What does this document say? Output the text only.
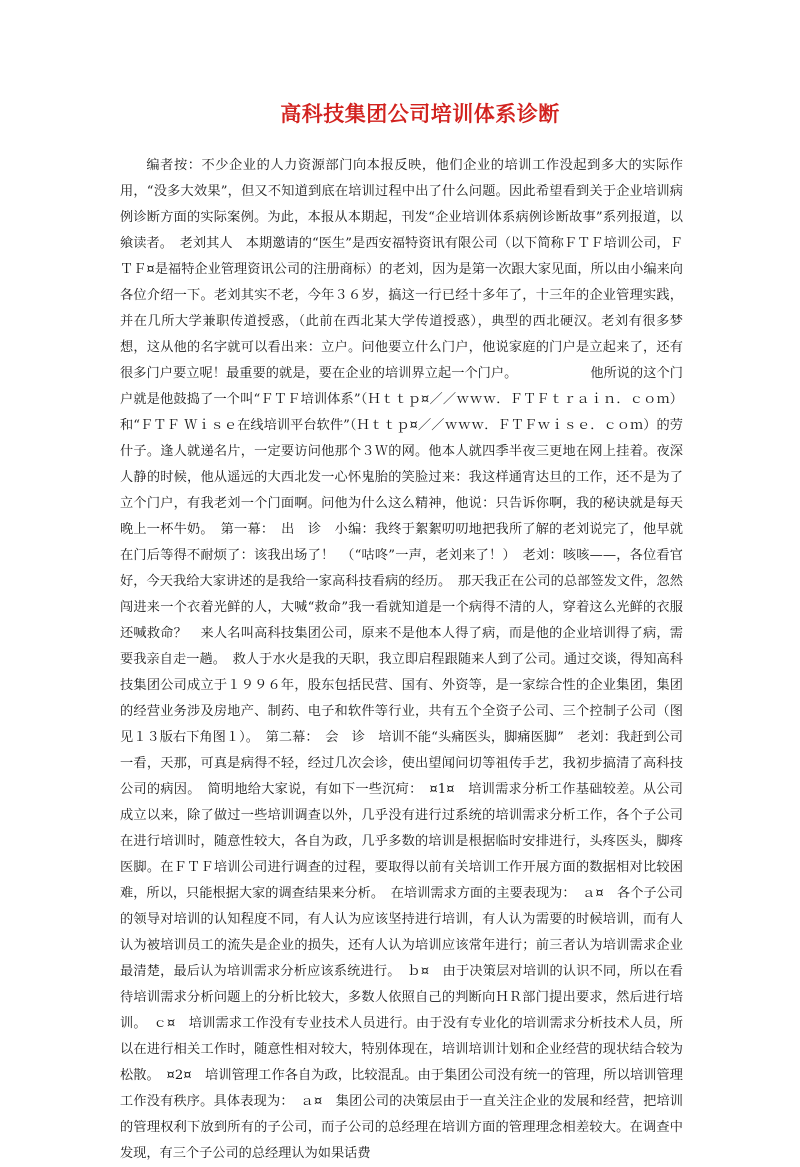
高科技集团公司培训体系诊断

编者按：不少企业的人力资源部门向本报反映，他们企业的培训工作没起到多大的实际作用，“没多大效果”，但又不知道到底在培训过程中出了什么问题。因此希望看到关于企业培训病例诊断方面的实际案例。为此，本报从本期起，刊发“企业培训体系病例诊断故事”系列报道，以飨读者。　老刘其人　本期邀请的“医生”是西安福特资讯有限公司（以下简称ＦＴＦ培训公司，ＦＴＦ¤是福特企业管理资讯公司的注册商标）的老刘，因为是第一次跟大家见面，所以由小编来向各位介绍一下。老刘其实不老，今年３６岁，搞这一行已经十多年了，十三年的企业管理实践，并在几所大学兼职传道授惑，（此前在西北某大学传道授惑），典型的西北硬汉。老刘有很多梦想，这从他的名字就可以看出来：立户。问他要立什么门户，他说家庭的门户是立起来了，还有很多门户要立呢！最重要的就是，要在企业的培训界立起一个门户。　　　　　　他所说的这个门户就是他鼓捣了一个叫“ＦＴＦ培训体系”（Ｈｔｔｐ¤／／ｗｗｗ．ＦＴＦｔｒａｉｎ．ｃｏｍ）和“ＦＴＦ Ｗｉｓｅ在线培训平台软件”（Ｈｔｔｐ¤／／ｗｗｗ．ＦＴＦｗｉｓｅ．ｃｏｍ）的劳什子。逢人就递名片，一定要访问他那个３Ｗ的网。他本人就四季半夜三更地在网上挂着。夜深人静的时候，他从遥远的大西北发一心怀鬼胎的笑脸过来：我这样通宵达旦的工作，还不是为了立个门户，有我老刘一个门面啊。问他为什么这么精神，他说：只告诉你啊，我的秘诀就是每天晚上一杯牛奶。　第一幕：　出　诊　小编：我终于絮絮叨叨地把我所了解的老刘说完了，他早就在门后等得不耐烦了：该我出场了！　（“咕咚”一声，老刘来了！）　老刘：咳咳——，各位看官好，今天我给大家讲述的是我给一家高科技看病的经历。　那天我正在公司的总部签发文件，忽然闯进来一个衣着光鲜的人，大喊“救命”我一看就知道是一个病得不清的人，穿着这么光鲜的衣服还喊救命？　来人名叫高科技集团公司，原来不是他本人得了病，而是他的企业培训得了病，需要我亲自走一趟。　救人于水火是我的天职，我立即启程跟随来人到了公司。通过交谈，得知高科技集团公司成立于１９９６年，股东包括民营、国有、外资等，是一家综合性的企业集团，集团的经营业务涉及房地产、制药、电子和软件等行业，共有五个全资子公司、三个控制子公司（图见１３版右下角图１）。　第二幕：　会　诊　培训不能“头痛医头，脚痛医脚”　老刘：我赶到公司一看，天那，可真是病得不轻，经过几次会诊，使出望闻问切等祖传手艺，我初步搞清了高科技公司的病因。　简明地给大家说，有如下一些沉疴：　¤1¤　培训需求分析工作基础较差。从公司成立以来，除了做过一些培训调查以外，几乎没有进行过系统的培训需求分析工作，各个子公司在进行培训时，随意性较大，各自为政，几乎多数的培训是根据临时安排进行，头疼医头，脚疼医脚。在ＦＴＦ培训公司进行调查的过程，要取得以前有关培训工作开展方面的数据相对比较困难，所以，只能根据大家的调查结果来分析。　在培训需求方面的主要表现为：　ａ¤　各个子公司的领导对培训的认知程度不同，有人认为应该坚持进行培训，有人认为需要的时候培训，而有人认为被培训员工的流失是企业的损失，还有人认为培训应该常年进行；前三者认为培训需求企业最清楚，最后认为培训需求分析应该系统进行。　ｂ¤　由于决策层对培训的认识不同，所以在看待培训需求分析问题上的分析比较大，多数人依照自己的判断向ＨＲ部门提出要求，然后进行培训。　ｃ¤　培训需求工作没有专业技术人员进行。由于没有专业化的培训需求分析技术人员，所以在进行相关工作时，随意性相对较大，特别体现在，培训培训计划和企业经营的现状结合较为松散。　¤2¤　培训管理工作各自为政，比较混乱。由于集团公司没有统一的管理，所以培训管理工作没有秩序。具体表现为：　ａ¤　集团公司的决策层由于一直关注企业的发展和经营，把培训的管理权利下放到所有的子公司，而子公司的总经理在培训方面的管理理念相差较大。在调查中发现，有三个子公司的总经理认为如果话费
